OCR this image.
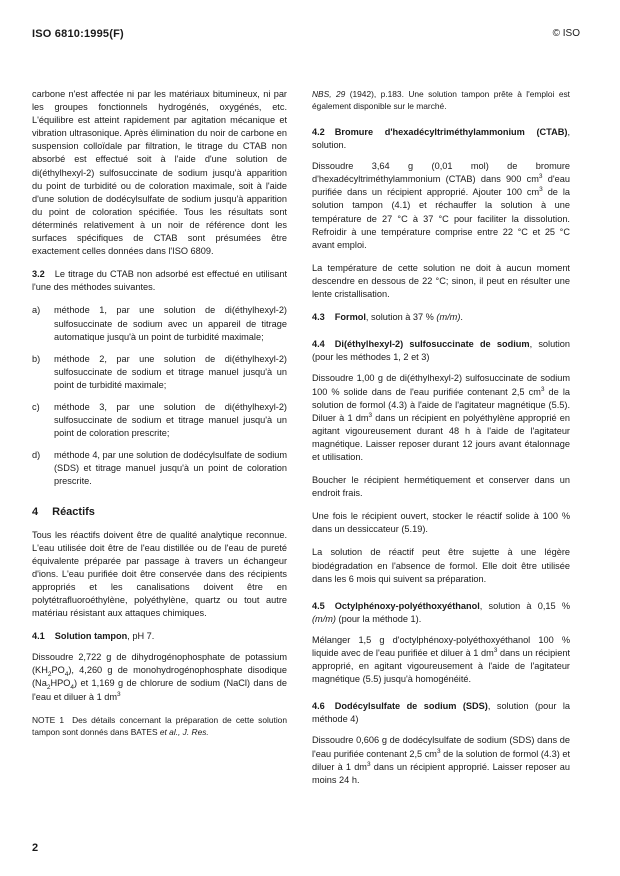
ISO 6810:1995(F)	© ISO

carbone n'est affectée ni par les matériaux bitumineux, ni par les groupes fonctionnels hydrogénés, oxygénés, etc. L'équilibre est atteint rapidement par agitation mécanique et vibration ultrasonique. Après élimination du noir de carbone en suspension colloïdale par filtration, le titrage du CTAB non absorbé est effectué soit à l'aide d'une solution de di(éthylhexyl-2) sulfosuccinate de sodium jusqu'à apparition du point de turbidité ou de coloration maximale, soit à l'aide d'une solution de dodécylsulfate de sodium jusqu'à apparition du point de coloration spécifiée. Tous les résultats sont déterminés relativement à un noir de référence dont les surfaces spécifiques de CTAB sont présumées être exactement celles données dans l'ISO 6809.

3.2 Le titrage du CTAB non adsorbé est effectué en utilisant l'une des méthodes suivantes.

a)	méthode 1, par une solution de di(éthylhexyl-2) sulfosuccinate de sodium avec un appareil de titrage automatique jusqu'à un point de turbidité maximale;
b)	méthode 2, par une solution de di(éthylhexyl-2) sulfosuccinate de sodium et titrage manuel jusqu'à un point de turbidité maximale;
c)	méthode 3, par une solution de di(éthylhexyl-2) sulfosuccinate de sodium et titrage manuel jusqu'à un point de coloration prescrite;
d)	méthode 4, par une solution de dodécylsulfate de sodium (SDS) et titrage manuel jusqu'à un point de coloration prescrite.
4 Réactifs

Tous les réactifs doivent être de qualité analytique reconnue. L'eau utilisée doit être de l'eau distillée ou de l'eau de pureté équivalente préparée par passage à travers un échangeur d'ions. L'eau purifiée doit être conservée dans des récipients appropriés et les canalisations doivent être en polytétrafluoroéthylène, polyéthylène, quartz ou tout autre matériau résistant aux attaques chimiques.

4.1 Solution tampon, pH 7.

Dissoudre 2,722 g de dihydrogénophosphate de potassium $(KH_2PO_4)$, 4,260 g de monohydrogénophosphate disodique $(Na_2HPO_4)$ et 1,169 g de chlorure de sodium (NaCl) dans de l'eau et diluer à 1 $dm^3$

NOTE 1 Des détails concernant la préparation de cette solution tampon sont donnés dans BATES et al., J. Res.

NBS, 29 (1942), p.183. Une solution tampon prête à l'emploi est également disponible sur le marché.

4.2 Bromure d'hexadécyltriméthylammonium (CTAB), solution.

Dissoudre 3,64 g (0,01 mol) de bromure d'hexadécyltriméthylammonium (CTAB) dans 900 $cm^3$ d'eau purifiée dans un récipient approprié. Ajouter 100 $cm^3$ de la solution tampon (4.1) et réchauffer la solution à une température de 27 °C à 37 °C pour faciliter la dissolution. Refroidir à une température comprise entre 22 °C et 25 °C avant emploi.

La température de cette solution ne doit à aucun moment descendre en dessous de 22 °C; sinon, il peut en résulter une lente cristallisation.

4.3 Formol, solution à 37 % (m/m).

4.4 Di(éthylhexyl-2) sulfosuccinate de sodium, solution (pour les méthodes 1, 2 et 3)

Dissoudre 1,00 g de di(éthylhexyl-2) sulfosuccinate de sodium 100 % solide dans de l'eau purifiée contenant 2,5 $cm^3$ de la solution de formol (4.3) à l'aide de l'agitateur magnétique (5.5). Diluer à 1 $dm^3$ dans un récipient en polyéthylène approprié en agitant vigoureusement durant 48 h à l'aide de l'agitateur magnétique. Laisser reposer durant 12 jours avant étalonnage et utilisation.

Boucher le récipient hermétiquement et conserver dans un endroit frais.

Une fois le récipient ouvert, stocker le réactif solide à 100 % dans un dessiccateur (5.19).

La solution de réactif peut être sujette à une légère biodégradation en l'absence de formol. Elle doit être utilisée dans les 6 mois qui suivent sa préparation.

4.5 Octylphénoxy-polyéthoxyéthanol, solution à 0,15 % (m/m) (pour la méthode 1).

Mélanger 1,5 g d'octylphénoxy-polyéthoxyéthanol 100 % liquide avec de l'eau purifiée et diluer à 1 $dm^3$ dans un récipient approprié, en agitant vigoureusement à l'aide de l'agitateur magnétique (5.5) jusqu'à homogénéité.

4.6 Dodécylsulfate de sodium (SDS), solution (pour la méthode 4)

Dissoudre 0,606 g de dodécylsulfate de sodium (SDS) dans de l'eau purifiée contenant 2,5 $cm^3$ de la solution de formol (4.3) et diluer à 1 $dm^3$ dans un récipient approprié. Laisser reposer au moins 24 h.

2
